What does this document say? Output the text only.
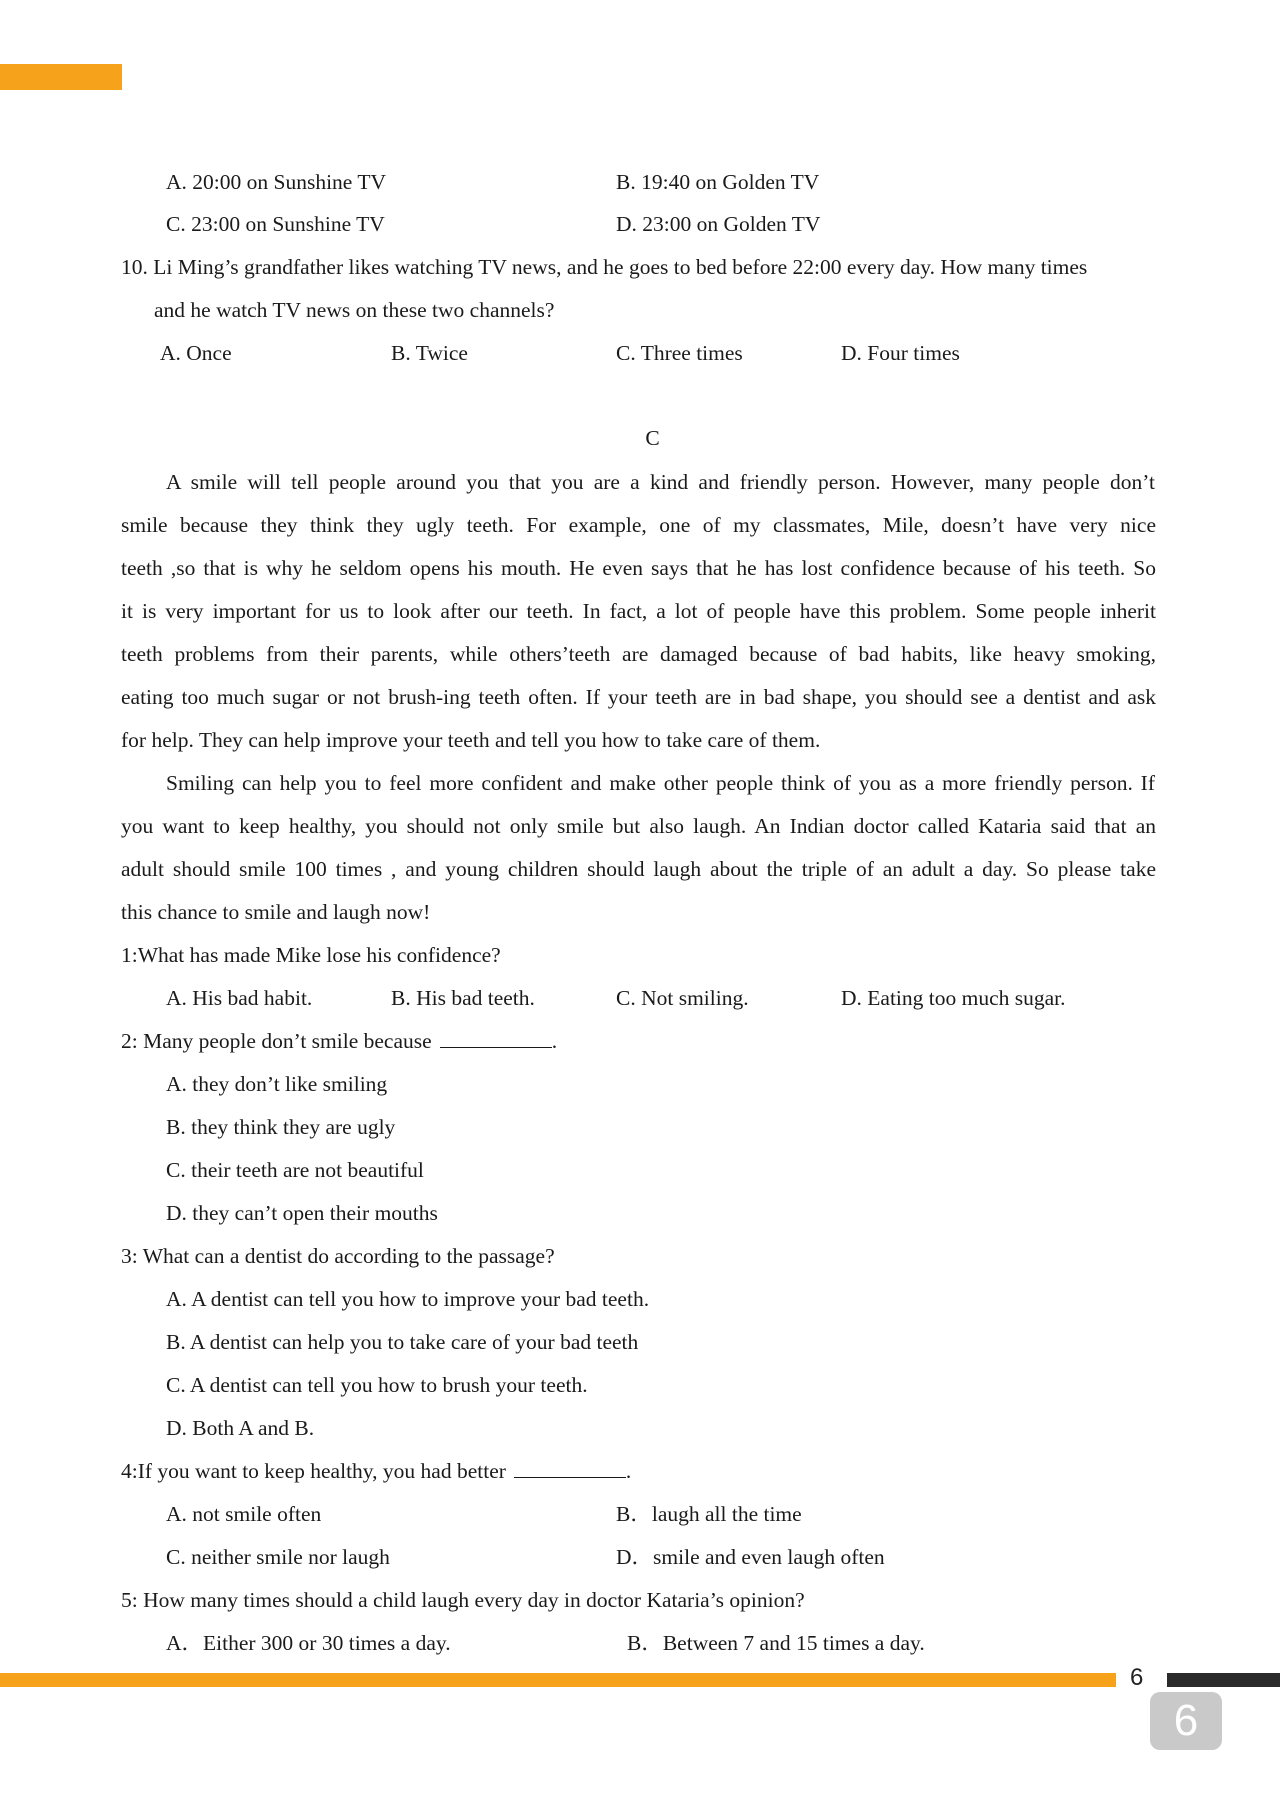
A. 20:00 on Sunshine TV	B. 19:40 on Golden TV
C. 23:00 on Sunshine TV	D. 23:00 on Golden TV
10. Li Ming’s grandfather likes watching TV news, and he goes to bed before 22:00 every day. How many times
and he watch TV news on these two channels?
A. Once	B. Twice	C. Three times	D. Four times
C
A smile will tell people around you that you are a kind and friendly person. However, many people don’t
smile because they think they ugly teeth. For example, one of my classmates, Mile, doesn’t have very nice
teeth ,so that is why he seldom opens his mouth. He even says that he has lost confidence because of his teeth. So
it is very important for us to look after our teeth. In fact, a lot of people have this problem. Some people inherit
teeth problems from their parents, while others’teeth are damaged because of bad habits, like heavy smoking,
eating too much sugar or not brush-ing teeth often. If your teeth are in bad shape, you should see a dentist and ask
for help. They can help improve your teeth and tell you how to take care of them.
Smiling can help you to feel more confident and make other people think of you as a more friendly person. If
you want to keep healthy, you should not only smile but also laugh. An Indian doctor called Kataria said that an
adult should smile 100 times , and young children should laugh about the triple of an adult a day. So please take
this chance to smile and laugh now!
1:What has made Mike lose his confidence?
A. His bad habit.	B. His bad teeth.	C. Not smiling.	D. Eating too much sugar.
2: Many people don’t smile because	.
A. they don’t like smiling
B. they think they are ugly
C. their teeth are not beautiful
D. they can’t open their mouths
3: What can a dentist do according to the passage?
A. A dentist can tell you how to improve your bad teeth.
B. A dentist can help you to take care of your bad teeth
C. A dentist can tell you how to brush your teeth.
D. Both A and B.
4:If you want to keep healthy, you had better	.
A. not smile often	B．laugh all the time
C. neither smile nor laugh	D．smile and even laugh often
5: How many times should a child laugh every day in doctor Kataria’s opinion?
A．Either 300 or 30 times a day.	B．Between 7 and 15 times a day.
6
6
